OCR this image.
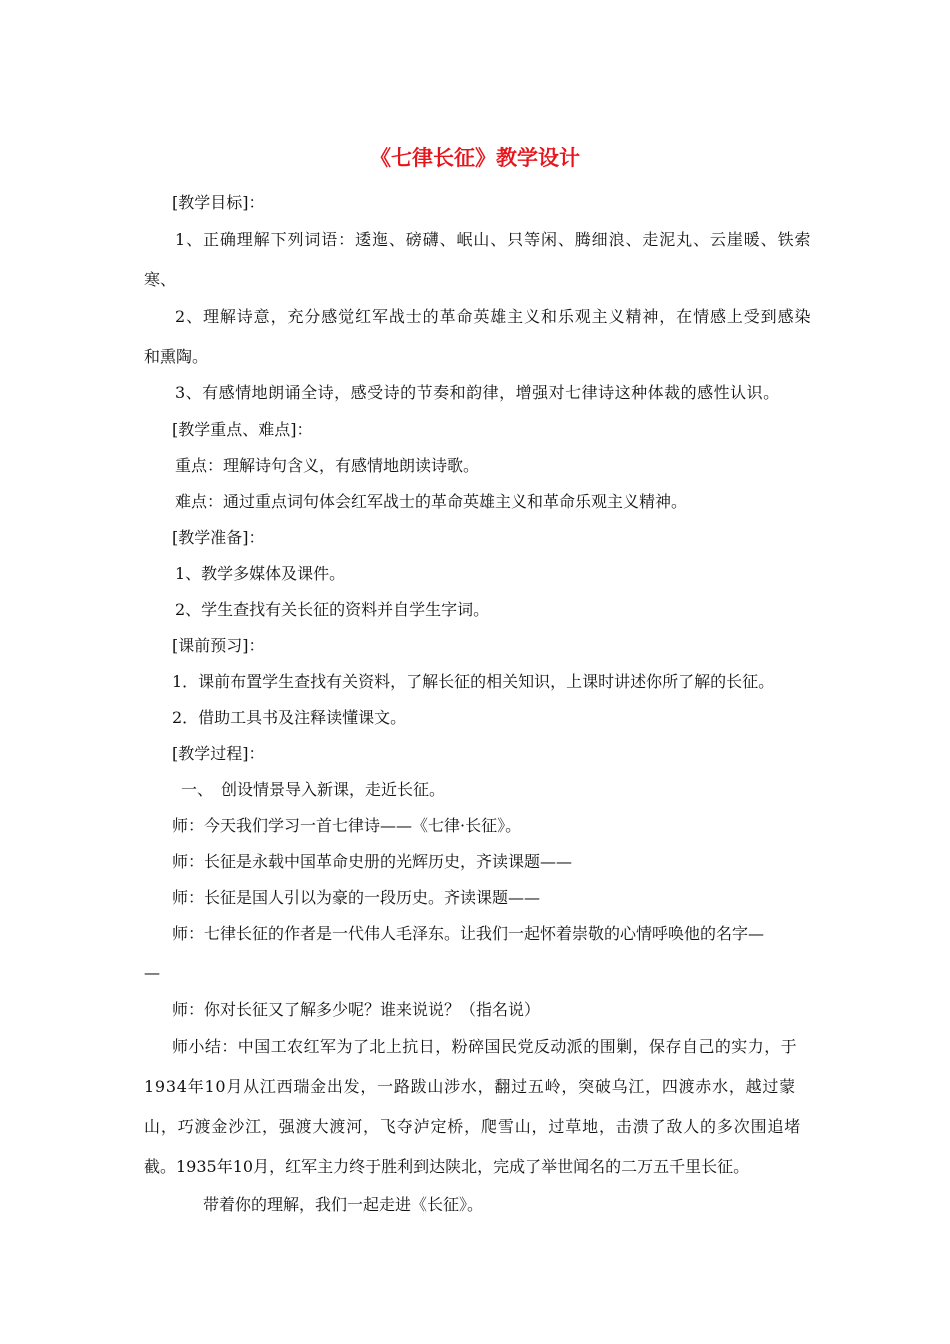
《七律长征》教学设计

[教学目标]：

1、正确理解下列词语：逶迤、磅礴、岷山、只等闲、腾细浪、走泥丸、云崖暖、铁索

寒、

2、理解诗意，充分感觉红军战士的革命英雄主义和乐观主义精神，在情感上受到感染

和熏陶。

3、有感情地朗诵全诗，感受诗的节奏和韵律，增强对七律诗这种体裁的感性认识。

[教学重点、难点]：

重点：理解诗句含义，有感情地朗读诗歌。

难点：通过重点词句体会红军战士的革命英雄主义和革命乐观主义精神。

[教学准备]：

1、教学多媒体及课件。

2、学生查找有关长征的资料并自学生字词。

[课前预习]：

1．课前布置学生查找有关资料，了解长征的相关知识，上课时讲述你所了解的长征。

2．借助工具书及注释读懂课文。

[教学过程]：

一、　创设情景导入新课，走近长征。

师：今天我们学习一首七律诗——《七律·长征》。

师：长征是永载中国革命史册的光辉历史，齐读课题——

师：长征是国人引以为豪的一段历史。齐读课题——

师：七律长征的作者是一代伟人毛泽东。让我们一起怀着崇敬的心情呼唤他的名字—

—

师：你对长征又了解多少呢？谁来说说？（指名说）

师小结：中国工农红军为了北上抗日，粉碎国民党反动派的围剿，保存自己的实力，于

1934年10月从江西瑞金出发，一路跋山涉水，翻过五岭，突破乌江，四渡赤水，越过蒙

山，巧渡金沙江，强渡大渡河，飞夺泸定桥，爬雪山，过草地，击溃了敌人的多次围追堵

截。1935年10月，红军主力终于胜利到达陕北，完成了举世闻名的二万五千里长征。

带着你的理解，我们一起走进《长征》。
